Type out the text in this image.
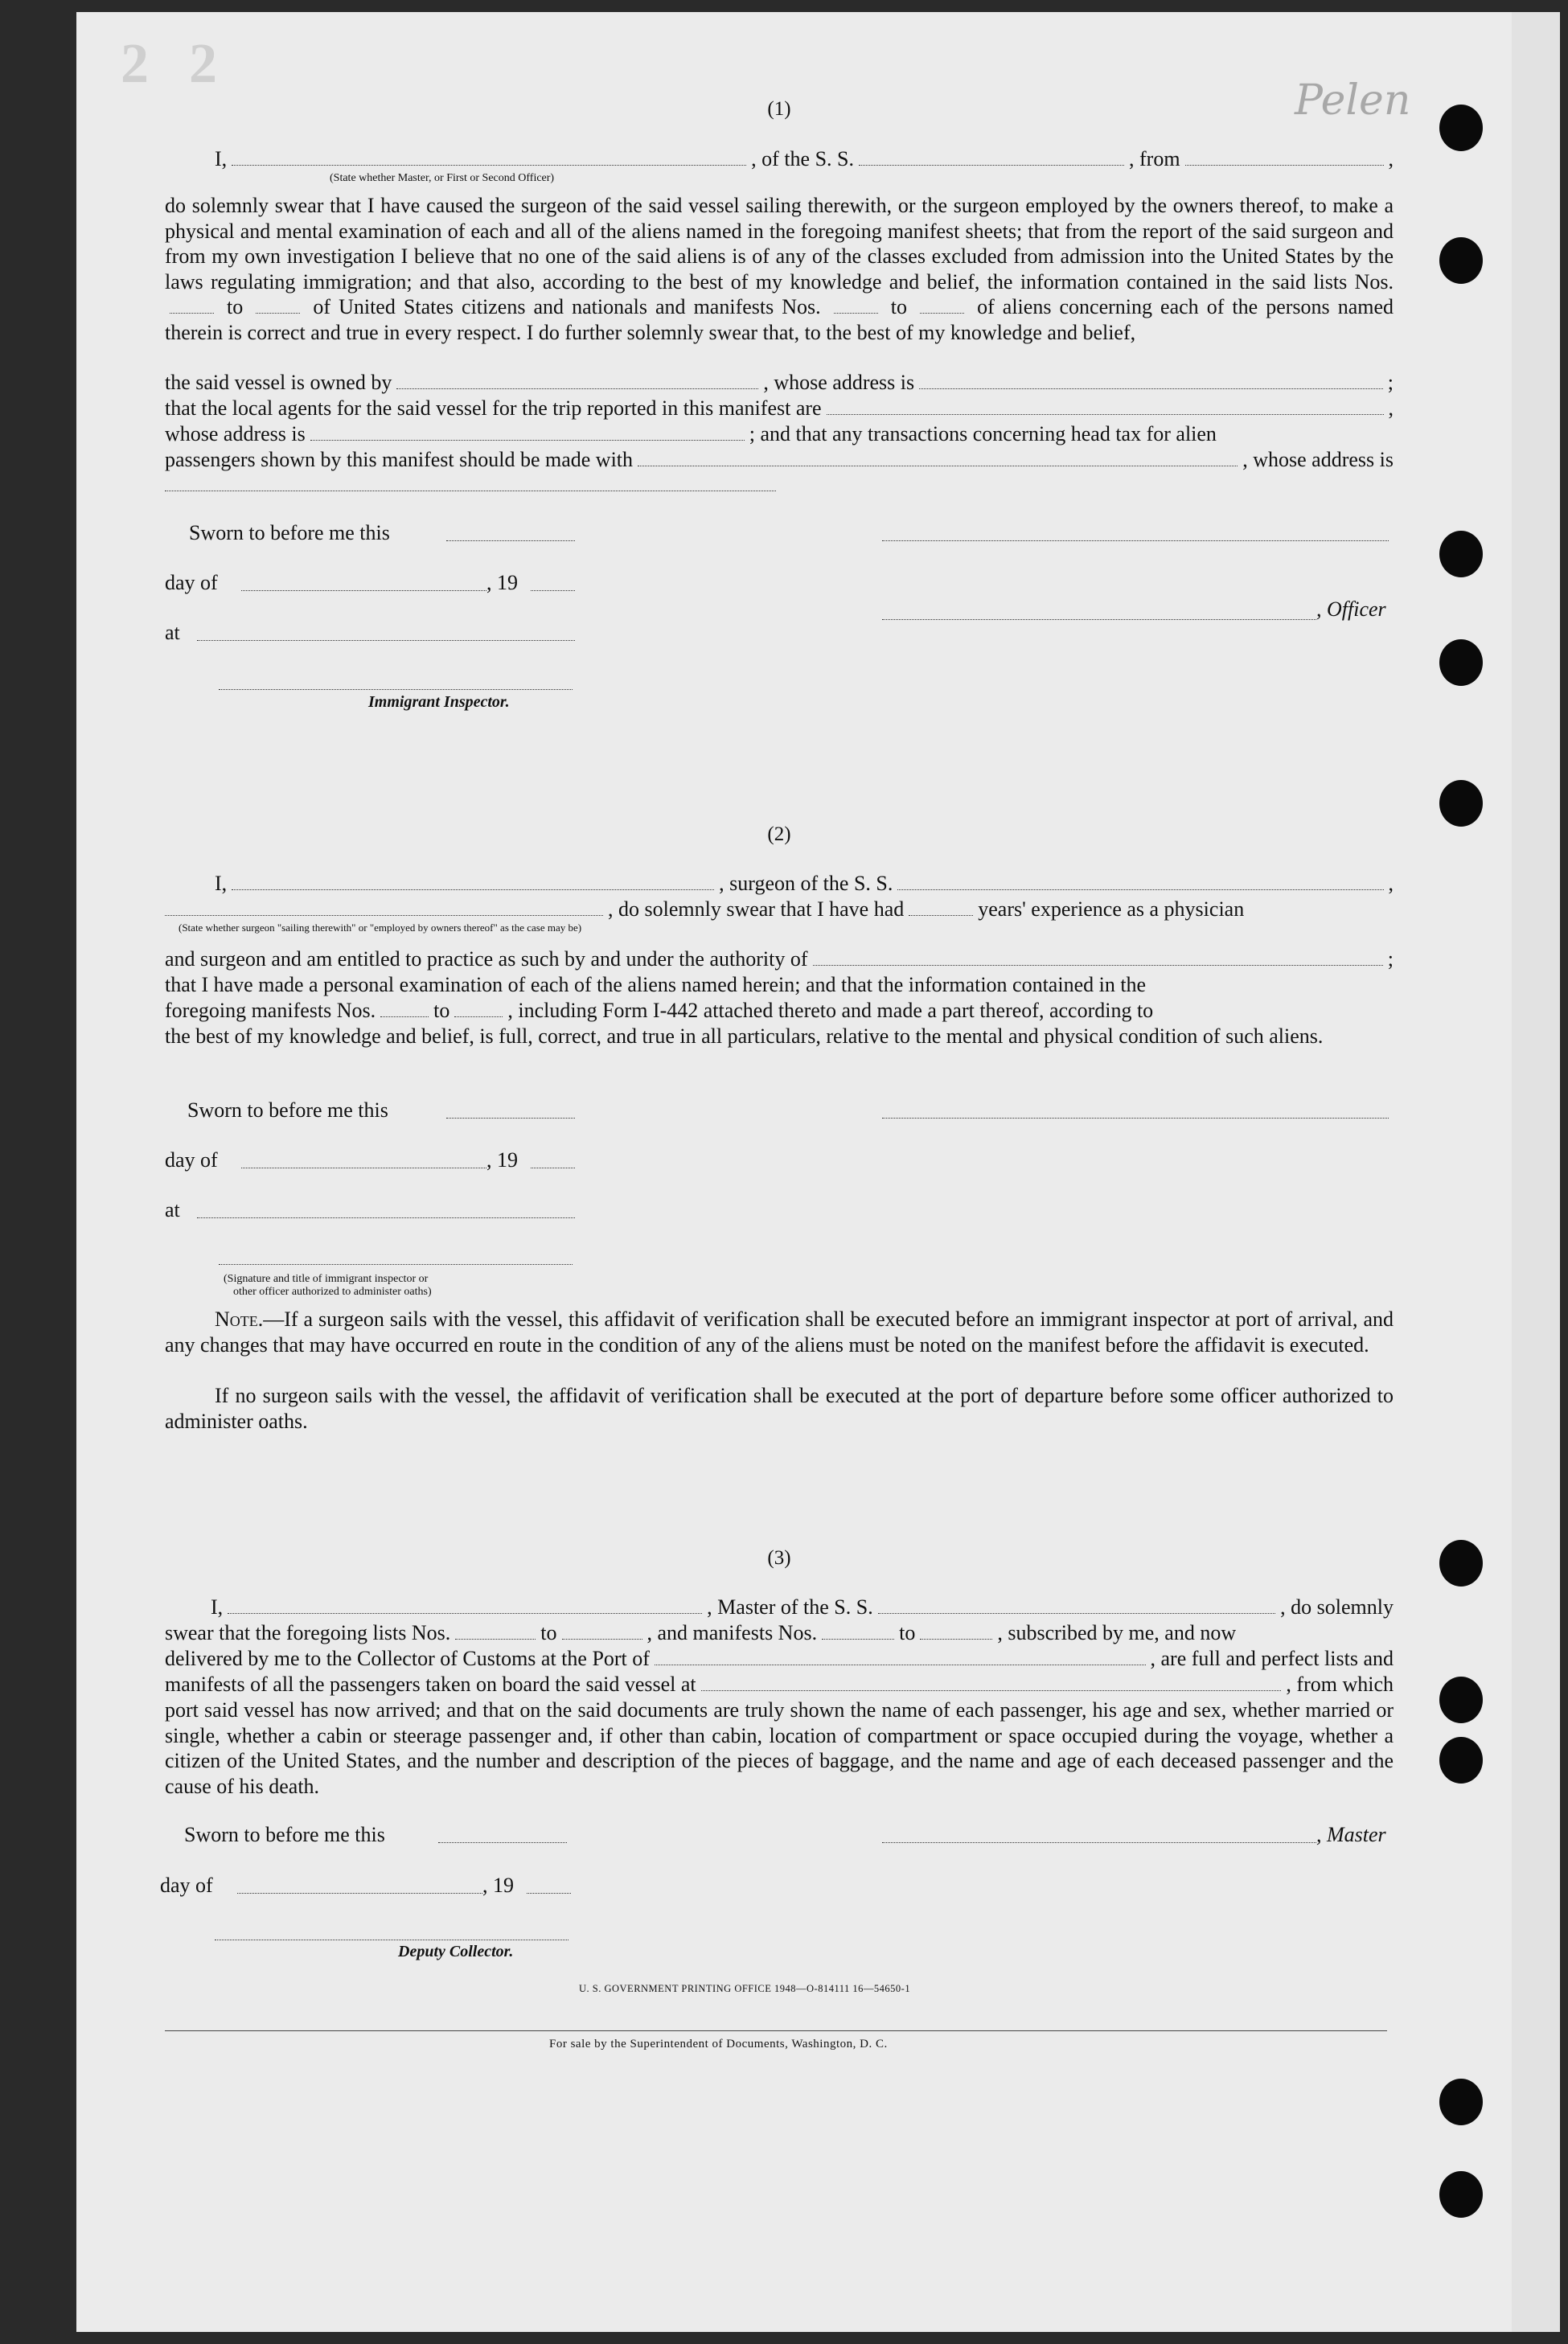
2 2
Pelen
(1)
I,	, of the S. S.	, from	,
(State whether Master, or First or Second Officer)
do solemnly swear that I have caused the surgeon of the said vessel sailing therewith, or the surgeon employed by the owners thereof, to make a physical and mental examination of each and all of the aliens named in the foregoing manifest sheets; that from the report of the said surgeon and from my own investigation I believe that no one of the said aliens is of any of the classes excluded from admission into the United States by the laws regulating immigration; and that also, according to the best of my knowledge and belief, the information contained in the said lists Nos.  to	of United States citizens and nationals and manifests Nos.	to	of aliens concerning each of the persons named therein is correct and true in every respect. I do further solemnly swear that, to the best of my knowledge and belief,
the said vessel is owned by	, whose address is	;
that the local agents for the said vessel for the trip reported in this manifest are	,
whose address is	; and that any transactions concerning head tax for alien
passengers shown by this manifest should be made with	, whose address is
Sworn to before me this
day of	, 19
, Officer
at
Immigrant Inspector.
(2)
I,	, surgeon of the S. S.	,
, do solemnly swear that I have had	years' experience as a physician
(State whether surgeon "sailing therewith" or "employed by owners thereof" as the case may be)
and surgeon and am entitled to practice as such by and under the authority of	;
that I have made a personal examination of each of the aliens named herein; and that the information contained in the
foregoing manifests Nos.	to	, including Form I-442 attached thereto and made a part thereof, according to
the best of my knowledge and belief, is full, correct, and true in all particulars, relative to the mental and physical condition of such aliens.
Sworn to before me this
day of	, 19
at
(Signature and title of immigrant inspector or
other officer authorized to administer oaths)
Note.—If a surgeon sails with the vessel, this affidavit of verification shall be executed before an immigrant inspector at port of arrival, and any changes that may have occurred en route in the condition of any of the aliens must be noted on the manifest before the affidavit is executed.
If no surgeon sails with the vessel, the affidavit of verification shall be executed at the port of departure before some officer authorized to administer oaths.
(3)
I,	, Master of the S. S.	, do solemnly
swear that the foregoing lists Nos.	to	, and manifests Nos.	to	, subscribed by me, and now
delivered by me to the Collector of Customs at the Port of	, are full and perfect lists and
manifests of all the passengers taken on board the said vessel at	, from which
port said vessel has now arrived; and that on the said documents are truly shown the name of each passenger, his age and sex, whether married or single, whether a cabin or steerage passenger and, if other than cabin, location of compartment or space occupied during the voyage, whether a citizen of the United States, and the number and description of the pieces of baggage, and the name and age of each deceased passenger and the cause of his death.
Sworn to before me this	, Master
day of	, 19
Deputy Collector.
U. S. GOVERNMENT PRINTING OFFICE 1948—O-814111 16—54650-1
For sale by the Superintendent of Documents, Washington, D. C.
